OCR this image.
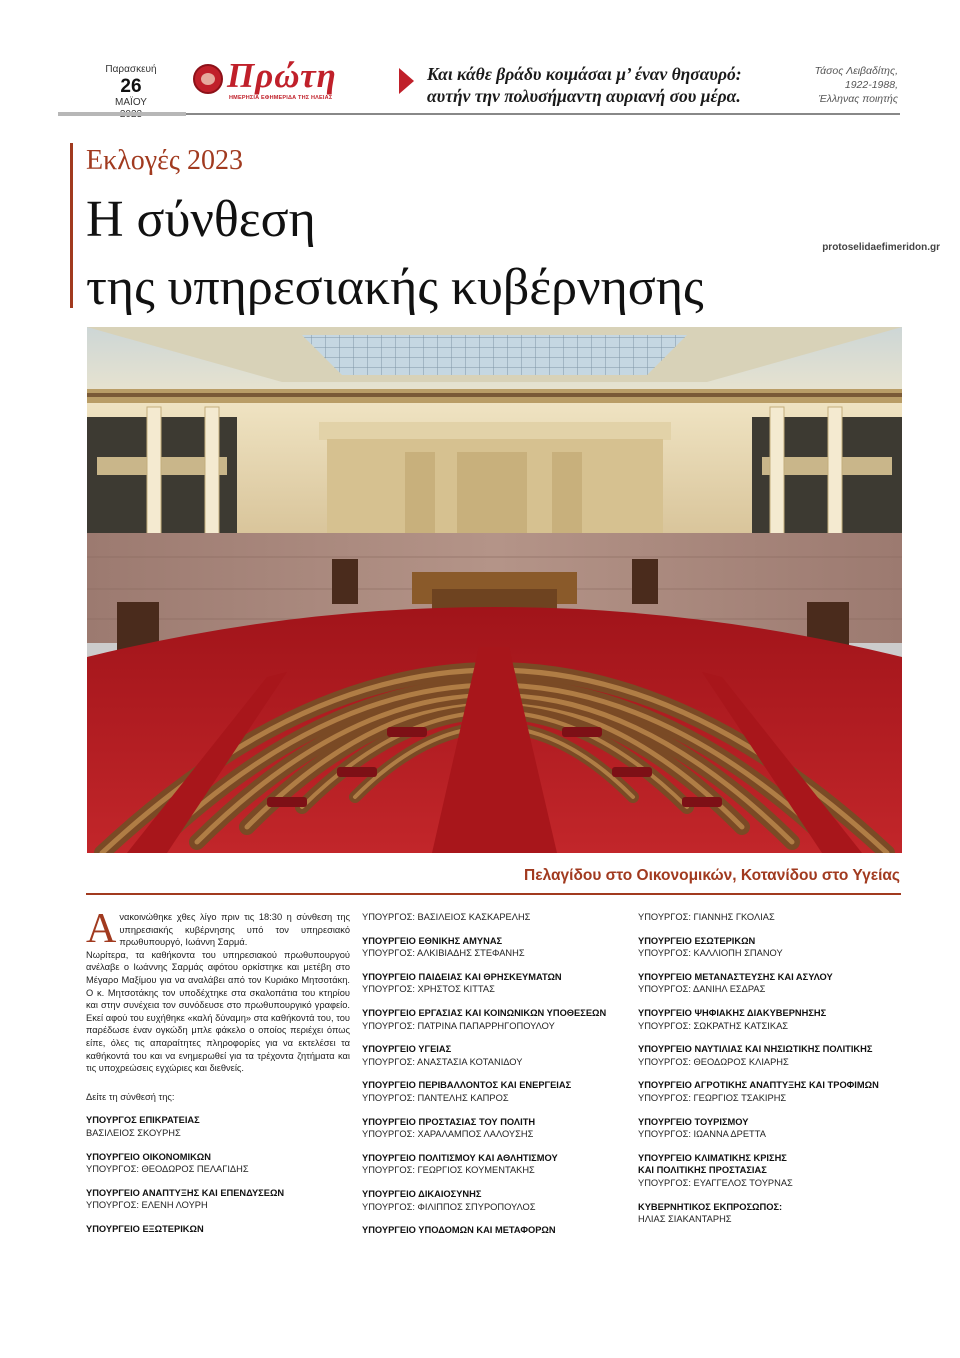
Παρασκευή
26
ΜΑΪΟΥ
Πρώτη
ΗΜΕΡΗΣΙΑ ΕΦΗΜΕΡΙΔΑ ΤΗΣ ΗΛΕΙΑΣ
Και κάθε βράδυ κοιμάσαι μ’ έναν θησαυρό:
αυτήν την πολυσήμαντη αυριανή σου μέρα.
Τάσος Λειβαδίτης,
1922-1988,
Έλληνας ποιητής
Εκλογές 2023
Η σύνθεση
της υπηρεσιακής κυβέρνησης
protoselidaefimeridon.gr
Πελαγίδου στο Οικονομικών, Κοτανίδου στο Υγείας
Α νακοινώθηκε χθες λίγο πριν τις 18:30 η σύνθεση της υπηρεσιακής κυβέρνησης υπό τον υπηρεσιακό πρωθυπουργό, Ιωάννη Σαρμά.
Νωρίτερα, τα καθήκοντα του υπηρεσιακού πρωθυπουργού ανέλαβε ο Ιωάννης Σαρμάς αφότου ορκίστηκε και μετέβη στο Μέγαρο Μαξίμου για να αναλάβει από τον Κυριάκο Μητσοτάκη. Ο κ. Μητσοτάκης τον υποδέχτηκε στα σκαλοπάτια του κτηρίου και στην συνέχεια τον συνόδευσε στο πρωθυπουργικό γραφείο. Εκεί αφού του ευχήθηκε «καλή δύναμη» στα καθήκοντά του, του παρέδωσε έναν ογκώδη μπλε φάκελο ο οποίος περιέχει όπως είπε, όλες τις απαραίτητες πληροφορίες για να εκτελέσει τα καθήκοντά του και να ενημερωθεί για τα τρέχοντα ζητήματα και τις υποχρεώσεις εγχώριες και διεθνείς.
Δείτε τη σύνθεσή της:
ΥΠΟΥΡΓΟΣ ΕΠΙΚΡΑΤΕΙΑΣ
ΒΑΣΙΛΕΙΟΣ ΣΚΟΥΡΗΣ
ΥΠΟΥΡΓΕΙΟ ΟΙΚΟΝΟΜΙΚΩΝ
ΥΠΟΥΡΓΟΣ: ΘΕΟΔΩΡΟΣ ΠΕΛΑΓΙΔΗΣ
ΥΠΟΥΡΓΕΙΟ ΑΝΑΠΤΥΞΗΣ ΚΑΙ ΕΠΕΝΔΥΣΕΩΝ
ΥΠΟΥΡΓΟΣ: ΕΛΕΝΗ ΛΟΥΡΗ
ΥΠΟΥΡΓΕΙΟ ΕΞΩΤΕΡΙΚΩΝ
ΥΠΟΥΡΓΟΣ: ΒΑΣΙΛΕΙΟΣ ΚΑΣΚΑΡΕΛΗΣ
ΥΠΟΥΡΓΕΙΟ ΕΘΝΙΚΗΣ ΑΜΥΝΑΣ
ΥΠΟΥΡΓΟΣ: ΑΛΚΙΒΙΑΔΗΣ ΣΤΕΦΑΝΗΣ
ΥΠΟΥΡΓΕΙΟ ΠΑΙΔΕΙΑΣ ΚΑΙ ΘΡΗΣΚΕΥΜΑΤΩΝ
ΥΠΟΥΡΓΟΣ: ΧΡΗΣΤΟΣ ΚΙΤΤΑΣ
ΥΠΟΥΡΓΕΙΟ ΕΡΓΑΣΙΑΣ ΚΑΙ ΚΟΙΝΩΝΙΚΩΝ ΥΠΟΘΕΣΕΩΝ
ΥΠΟΥΡΓΟΣ: ΠΑΤΡΙΝΑ ΠΑΠΑΡΡΗΓΟΠΟΥΛΟΥ
ΥΠΟΥΡΓΕΙΟ ΥΓΕΙΑΣ
ΥΠΟΥΡΓΟΣ: ΑΝΑΣΤΑΣΙΑ ΚΟΤΑΝΙΔΟΥ
ΥΠΟΥΡΓΕΙΟ ΠΕΡΙΒΑΛΛΟΝΤΟΣ ΚΑΙ ΕΝΕΡΓΕΙΑΣ
ΥΠΟΥΡΓΟΣ: ΠΑΝΤΕΛΗΣ ΚΑΠΡΟΣ
ΥΠΟΥΡΓΕΙΟ ΠΡΟΣΤΑΣΙΑΣ ΤΟΥ ΠΟΛΙΤΗ
ΥΠΟΥΡΓΟΣ: ΧΑΡΑΛΑΜΠΟΣ ΛΑΛΟΥΣΗΣ
ΥΠΟΥΡΓΕΙΟ ΠΟΛΙΤΙΣΜΟΥ ΚΑΙ ΑΘΛΗΤΙΣΜΟΥ
ΥΠΟΥΡΓΟΣ: ΓΕΩΡΓΙΟΣ ΚΟΥΜΕΝΤΑΚΗΣ
ΥΠΟΥΡΓΕΙΟ ΔΙΚΑΙΟΣΥΝΗΣ
ΥΠΟΥΡΓΟΣ: ΦΙΛΙΠΠΟΣ ΣΠΥΡΟΠΟΥΛΟΣ
ΥΠΟΥΡΓΕΙΟ ΥΠΟΔΟΜΩΝ ΚΑΙ ΜΕΤΑΦΟΡΩΝ
ΥΠΟΥΡΓΟΣ: ΓΙΑΝΝΗΣ ΓΚΟΛΙΑΣ
ΥΠΟΥΡΓΕΙΟ ΕΣΩΤΕΡΙΚΩΝ
ΥΠΟΥΡΓΟΣ: ΚΑΛΛΙΟΠΗ ΣΠΑΝΟΥ
ΥΠΟΥΡΓΕΙΟ ΜΕΤΑΝΑΣΤΕΥΣΗΣ ΚΑΙ ΑΣΥΛΟΥ
ΥΠΟΥΡΓΟΣ: ΔΑΝΙΗΛ ΕΣΔΡΑΣ
ΥΠΟΥΡΓΕΙΟ ΨΗΦΙΑΚΗΣ ΔΙΑΚΥΒΕΡΝΗΣΗΣ
ΥΠΟΥΡΓΟΣ: ΣΩΚΡΑΤΗΣ ΚΑΤΣΙΚΑΣ
ΥΠΟΥΡΓΕΙΟ ΝΑΥΤΙΛΙΑΣ ΚΑΙ ΝΗΣΙΩΤΙΚΗΣ ΠΟΛΙΤΙΚΗΣ
ΥΠΟΥΡΓΟΣ: ΘΕΟΔΩΡΟΣ ΚΛΙΑΡΗΣ
ΥΠΟΥΡΓΕΙΟ ΑΓΡΟΤΙΚΗΣ ΑΝΑΠΤΥΞΗΣ ΚΑΙ ΤΡΟΦΙΜΩΝ
ΥΠΟΥΡΓΟΣ: ΓΕΩΡΓΙΟΣ ΤΣΑΚΙΡΗΣ
ΥΠΟΥΡΓΕΙΟ ΤΟΥΡΙΣΜΟΥ
ΥΠΟΥΡΓΟΣ: ΙΩΑΝΝΑ ΔΡΕΤΤΑ
ΥΠΟΥΡΓΕΙΟ ΚΛΙΜΑΤΙΚΗΣ ΚΡΙΣΗΣ
ΚΑΙ ΠΟΛΙΤΙΚΗΣ ΠΡΟΣΤΑΣΙΑΣ
ΥΠΟΥΡΓΟΣ: ΕΥΑΓΓΕΛΟΣ ΤΟΥΡΝΑΣ
ΚΥΒΕΡΝΗΤΙΚΟΣ ΕΚΠΡΟΣΩΠΟΣ:
ΗΛΙΑΣ ΣΙΑΚΑΝΤΑΡΗΣ
